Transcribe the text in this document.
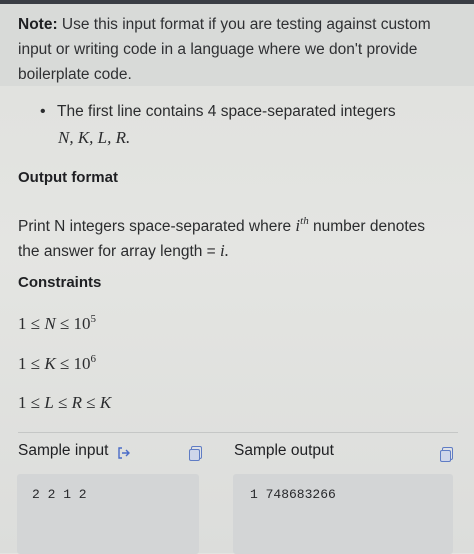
Note: Use this input format if you are testing against custom
input or writing code in a language where we don't provide
boilerplate code.
• The first line contains 4 space-separated integers
N, K, L, R.
Output format
Print N integers space-separated where $i^{th}$ number denotes
the answer for array length = i.
Constraints
$1 \le N \le 10^5$
$1 \le K \le 10^6$
1 ≤ L ≤ R ≤ K
Sample input	Sample output
2 2 1 2	1 748683266
